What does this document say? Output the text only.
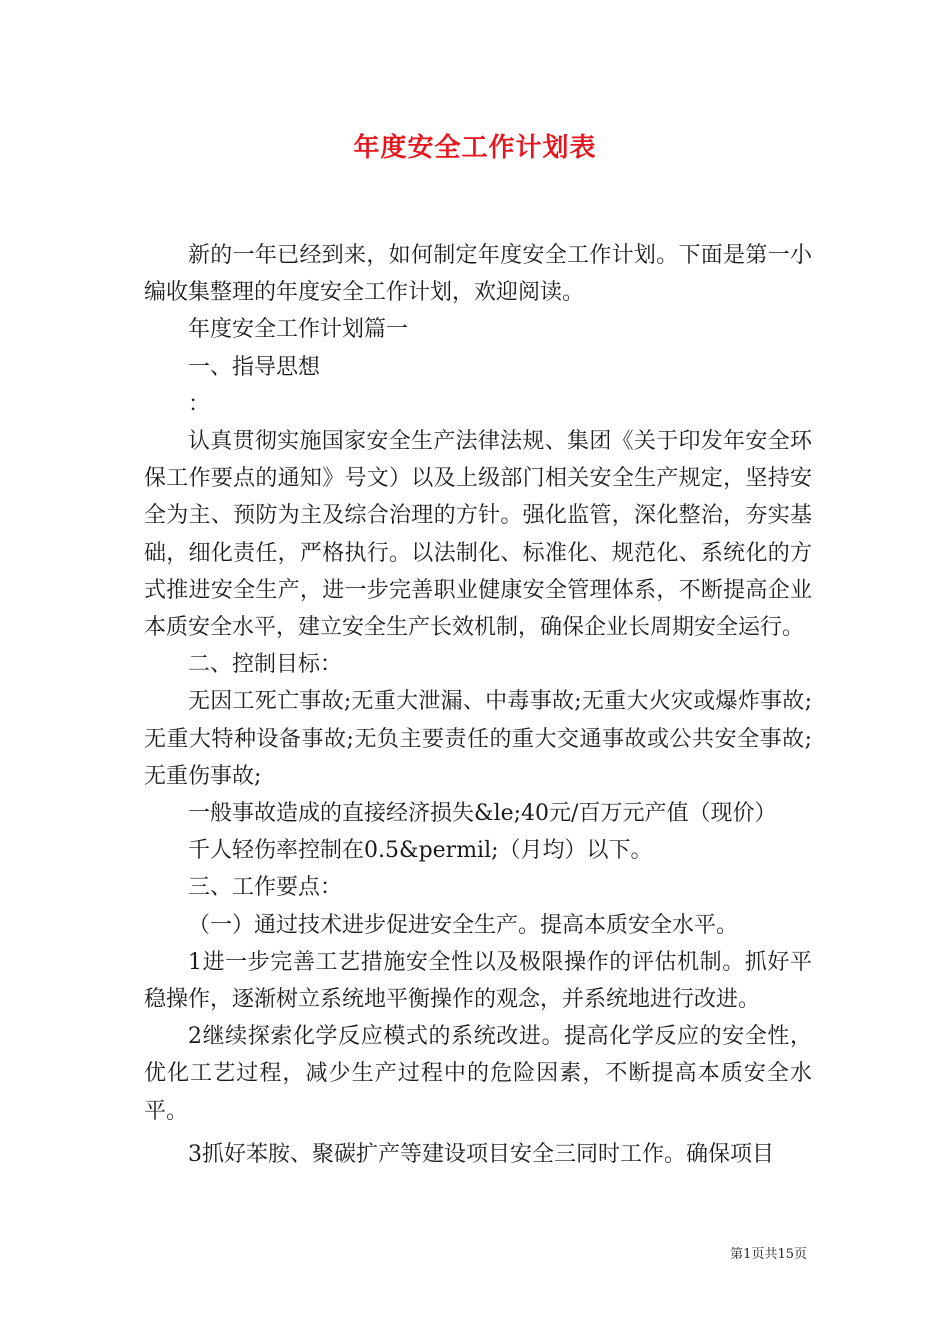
年度安全工作计划表

新的一年已经到来，如何制定年度安全工作计划。下面是第一小编收集整理的年度安全工作计划，欢迎阅读。

年度安全工作计划篇一

一、指导思想

：

认真贯彻实施国家安全生产法律法规、集团《关于印发年安全环保工作要点的通知》号文）以及上级部门相关安全生产规定，坚持安全为主、预防为主及综合治理的方针。强化监管，深化整治，夯实基础，细化责任，严格执行。以法制化、标准化、规范化、系统化的方式推进安全生产，进一步完善职业健康安全管理体系，不断提高企业本质安全水平，建立安全生产长效机制，确保企业长周期安全运行。

二、控制目标：

无因工死亡事故;无重大泄漏、中毒事故;无重大火灾或爆炸事故;无重大特种设备事故;无负主要责任的重大交通事故或公共安全事故;无重伤事故;

一般事故造成的直接经济损失&le;40元/百万元产值（现价）

千人轻伤率控制在0.5&permil;（月均）以下。

三、工作要点：

（一）通过技术进步促进安全生产。提高本质安全水平。

1进一步完善工艺措施安全性以及极限操作的评估机制。抓好平稳操作，逐渐树立系统地平衡操作的观念，并系统地进行改进。

2继续探索化学反应模式的系统改进。提高化学反应的安全性，优化工艺过程，减少生产过程中的危险因素，不断提高本质安全水平。

3抓好苯胺、聚碳扩产等建设项目安全三同时工作。确保项目

第1页共15页
